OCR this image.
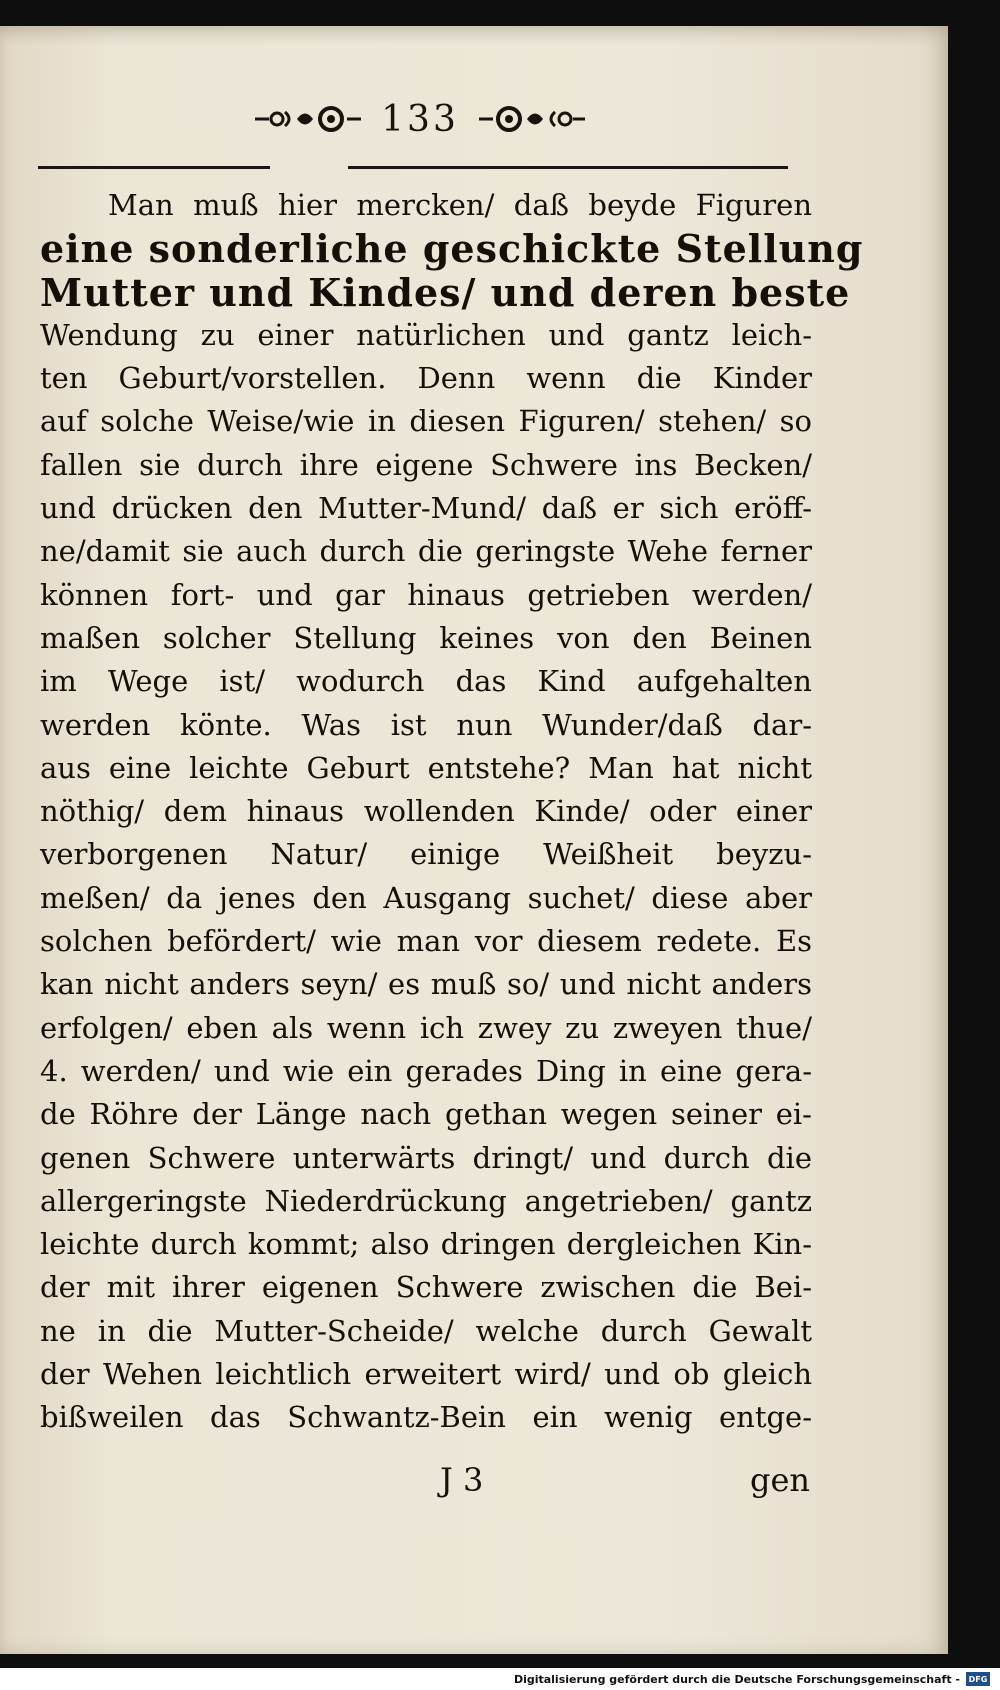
133
Man muß hier mercken/ daß beyde Figuren
eine sonderliche geschickte Stellung
Mutter und Kindes/ und deren beste
Wendung zu einer natürlichen und gantz leich-
ten Geburt/vorstellen. Denn wenn die Kinder
auf solche Weise/wie in diesen Figuren/ stehen/ so
fallen sie durch ihre eigene Schwere ins Becken/
und drücken den Mutter-Mund/ daß er sich eröff-
ne/damit sie auch durch die geringste Wehe ferner
können fort- und gar hinaus getrieben werden/
maßen solcher Stellung keines von den Beinen
im Wege ist/ wodurch das Kind aufgehalten
werden könte. Was ist nun Wunder/daß dar-
aus eine leichte Geburt entstehe? Man hat nicht
nöthig/ dem hinaus wollenden Kinde/ oder einer
verborgenen Natur/ einige Weißheit beyzu-
meßen/ da jenes den Ausgang suchet/ diese aber
solchen befördert/ wie man vor diesem redete. Es
kan nicht anders seyn/ es muß so/ und nicht anders
erfolgen/ eben als wenn ich zwey zu zweyen thue/
4. werden/ und wie ein gerades Ding in eine gera-
de Röhre der Länge nach gethan wegen seiner ei-
genen Schwere unterwärts dringt/ und durch die
allergeringste Niederdrückung angetrieben/ gantz
leichte durch kommt; also dringen dergleichen Kin-
der mit ihrer eigenen Schwere zwischen die Bei-
ne in die Mutter-Scheide/ welche durch Gewalt
der Wehen leichtlich erweitert wird/ und ob gleich
bißweilen das Schwantz-Bein ein wenig entge-
J 3	gen
Digitalisierung gefördert durch die Deutsche Forschungsgemeinschaft -	DFG
